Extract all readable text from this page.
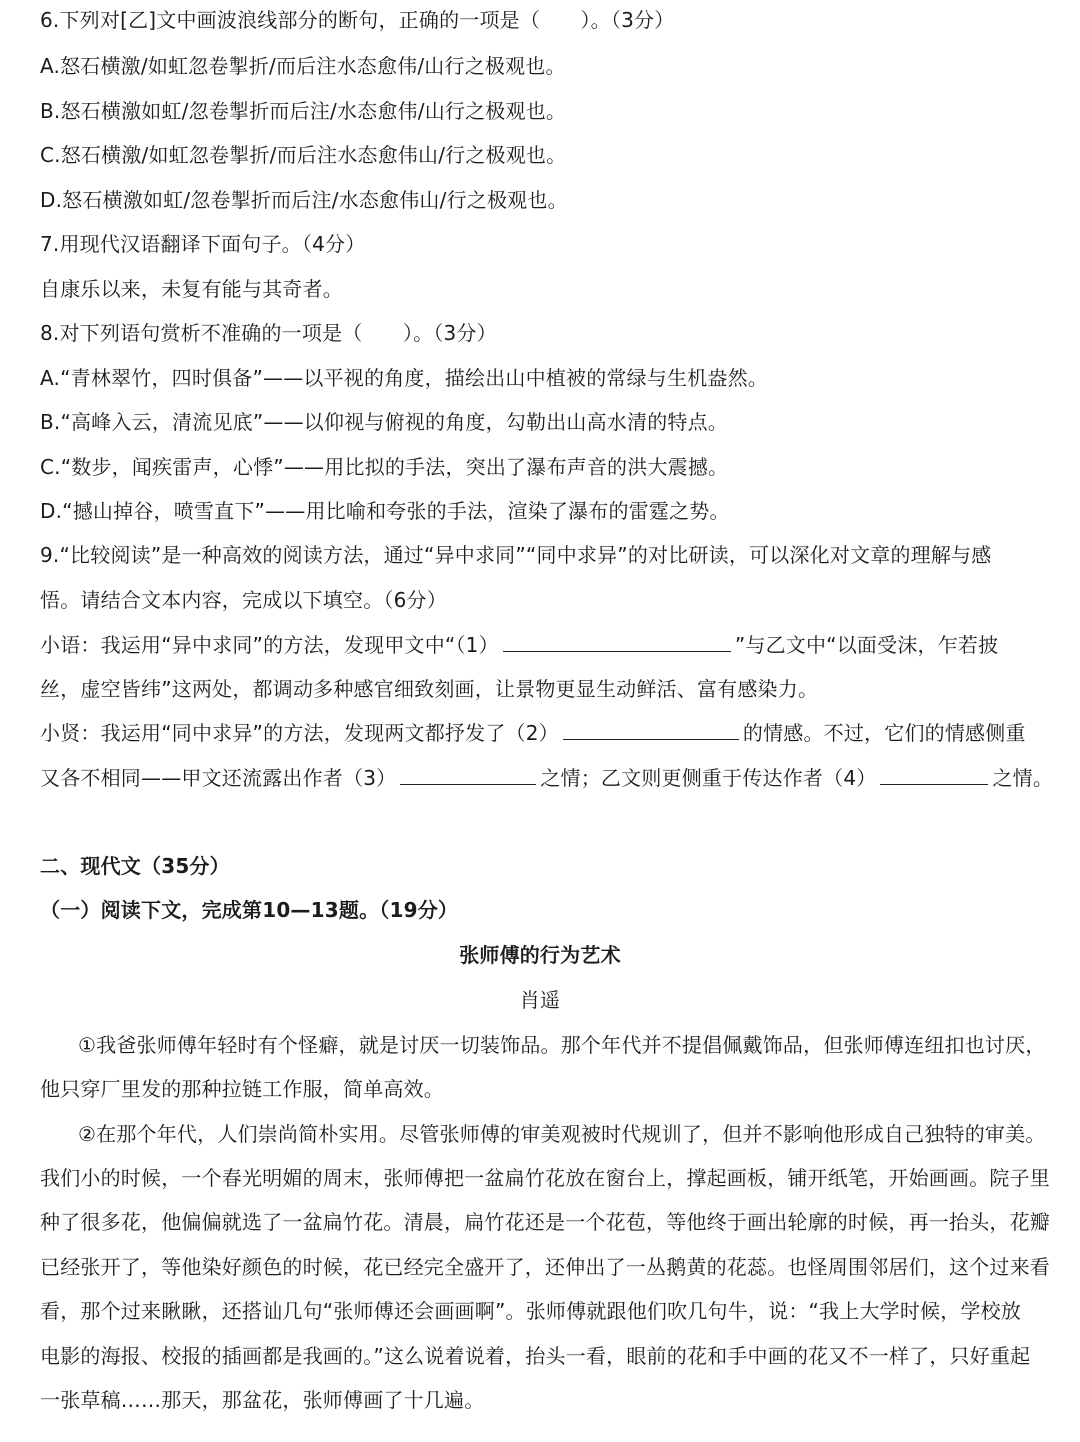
6.下列对[乙]文中画波浪线部分的断句，正确的一项是（　　）。（3分）
A.怒石横激/如虹忽卷掣折/而后注水态愈伟/山行之极观也。
B.怒石横激如虹/忽卷掣折而后注/水态愈伟/山行之极观也。
C.怒石横激/如虹忽卷掣折/而后注水态愈伟山/行之极观也。
D.怒石横激如虹/忽卷掣折而后注/水态愈伟山/行之极观也。
7.用现代汉语翻译下面句子。（4分）
自康乐以来，未复有能与其奇者。
8.对下列语句赏析不准确的一项是（　　）。（3分）
A.“青林翠竹，四时俱备”——以平视的角度，描绘出山中植被的常绿与生机盎然。
B.“高峰入云，清流见底”——以仰视与俯视的角度，勾勒出山高水清的特点。
C.“数步，闻疾雷声，心悸”——用比拟的手法，突出了瀑布声音的洪大震撼。
D.“撼山掉谷，喷雪直下”——用比喻和夸张的手法，渲染了瀑布的雷霆之势。
9.“比较阅读”是一种高效的阅读方法，通过“异中求同”“同中求异”的对比研读，可以深化对文章的理解与感
悟。请结合文本内容，完成以下填空。（6分）
小语：我运用“异中求同”的方法，发现甲文中“（1）	”与乙文中“以面受沫，乍若披
丝，虚空皆纬”这两处，都调动多种感官细致刻画，让景物更显生动鲜活、富有感染力。
小贤：我运用“同中求异”的方法，发现两文都抒发了（2）	的情感。不过，它们的情感侧重
又各不相同——甲文还流露出作者（3）	之情；乙文则更侧重于传达作者（4）	之情。
二、现代文（35分）
（一）阅读下文，完成第10—13题。（19分）
张师傅的行为艺术
肖遥
①我爸张师傅年轻时有个怪癖，就是讨厌一切装饰品。那个年代并不提倡佩戴饰品，但张师傅连纽扣也讨厌，
他只穿厂里发的那种拉链工作服，简单高效。
②在那个年代，人们崇尚简朴实用。尽管张师傅的审美观被时代规训了，但并不影响他形成自己独特的审美。
我们小的时候，一个春光明媚的周末，张师傅把一盆扁竹花放在窗台上，撑起画板，铺开纸笔，开始画画。院子里
种了很多花，他偏偏就选了一盆扁竹花。清晨，扁竹花还是一个花苞，等他终于画出轮廓的时候，再一抬头，花瓣
已经张开了，等他染好颜色的时候，花已经完全盛开了，还伸出了一丛鹅黄的花蕊。也怪周围邻居们，这个过来看
看，那个过来瞅瞅，还搭讪几句“张师傅还会画画啊”。张师傅就跟他们吹几句牛，说：“我上大学时候，学校放
电影的海报、校报的插画都是我画的。”这么说着说着，抬头一看，眼前的花和手中画的花又不一样了，只好重起
一张草稿……那天，那盆花，张师傅画了十几遍。
